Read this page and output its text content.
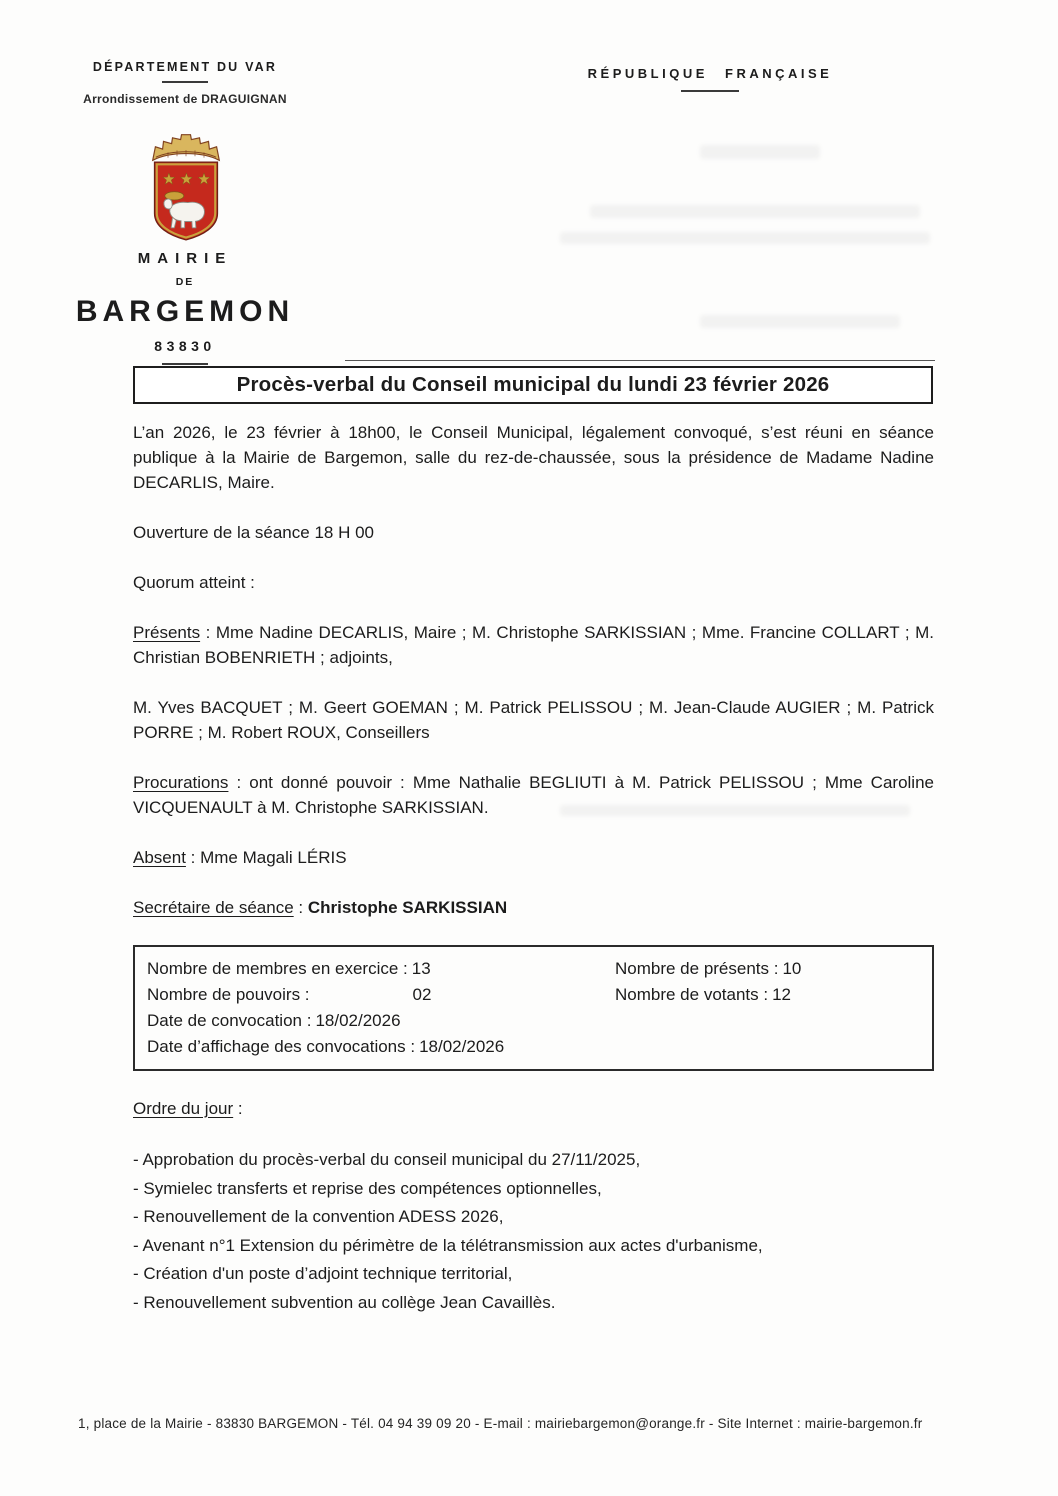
DÉPARTEMENT DU VAR
Arrondissement de DRAGUIGNAN
RÉPUBLIQUE FRANÇAISE
MAIRIE
DE
BARGEMON
83830
Procès-verbal du Conseil municipal du lundi 23 février 2026

L’an 2026, le 23 février à 18h00, le Conseil Municipal, légalement convoqué, s’est réuni en séance publique à la Mairie de Bargemon, salle du rez-de-chaussée, sous la présidence de Madame Nadine DECARLIS, Maire.

Ouverture de la séance 18 H 00

Quorum atteint :

Présents : Mme Nadine DECARLIS, Maire ; M. Christophe SARKISSIAN ; Mme. Francine COLLART ; M. Christian BOBENRIETH ; adjoints,

M. Yves BACQUET ; M. Geert GOEMAN ; M. Patrick PELISSOU ; M. Jean-Claude AUGIER ; M. Patrick PORRE ; M. Robert ROUX, Conseillers

Procurations : ont donné pouvoir : Mme Nathalie BEGLIUTI à M. Patrick PELISSOU ; Mme Caroline VICQUENAULT à M. Christophe SARKISSIAN.

Absent : Mme Magali LÉRIS

Secrétaire de séance : Christophe SARKISSIAN

Nombre de membres en exercice : 13	Nombre de présents : 10
Nombre de pouvoirs :	02	Nombre de votants : 12
Date de convocation : 18/02/2026
Date d’affichage des convocations : 18/02/2026

Ordre du jour :

- Approbation du procès-verbal du conseil municipal du 27/11/2025,
- Symielec transferts et reprise des compétences optionnelles,
- Renouvellement de la convention ADESS 2026,
- Avenant n°1 Extension du périmètre de la télétransmission aux actes d'urbanisme,
- Création d'un poste d’adjoint technique territorial,
- Renouvellement subvention au collège Jean Cavaillès.
1, place de la Mairie - 83830 BARGEMON - Tél. 04 94 39 09 20 - E-mail : mairiebargemon@orange.fr - Site Internet : mairie-bargemon.fr
